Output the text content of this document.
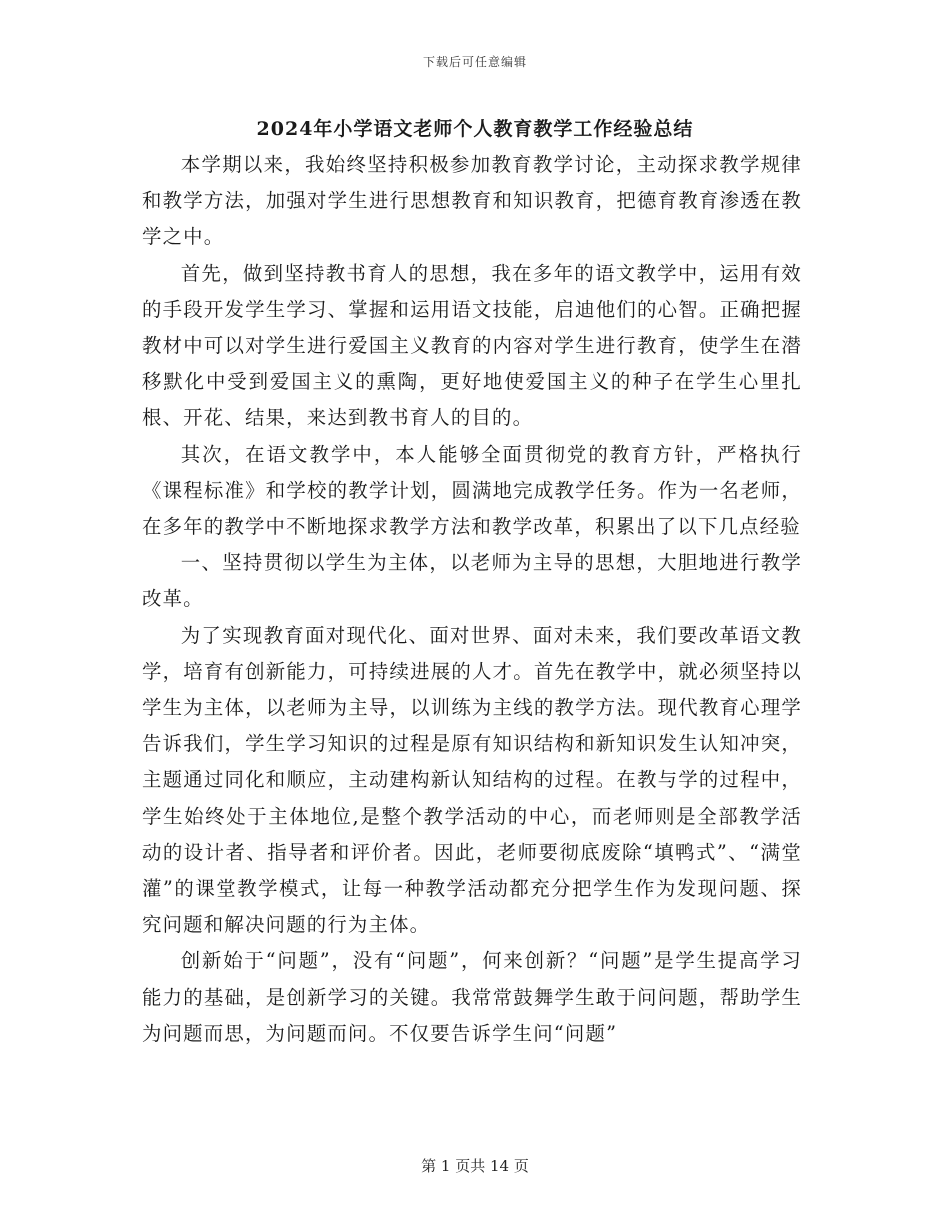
下载后可任意编辑
2024年小学语文老师个人教育教学工作经验总结

本学期以来，我始终坚持积极参加教育教学讨论，主动探求教学规律和教学方法，加强对学生进行思想教育和知识教育，把德育教育渗透在教学之中。

首先，做到坚持教书育人的思想，我在多年的语文教学中，运用有效的手段开发学生学习、掌握和运用语文技能，启迪他们的心智。正确把握教材中可以对学生进行爱国主义教育的内容对学生进行教育，使学生在潜移默化中受到爱国主义的熏陶，更好地使爱国主义的种子在学生心里扎根、开花、结果，来达到教书育人的目的。

其次，在语文教学中，本人能够全面贯彻党的教育方针，严格执行《课程标准》和学校的教学计划，圆满地完成教学任务。作为一名老师，在多年的教学中不断地探求教学方法和教学改革，积累出了以下几点经验

一、坚持贯彻以学生为主体，以老师为主导的思想，大胆地进行教学改革。

为了实现教育面对现代化、面对世界、面对未来，我们要改革语文教学，培育有创新能力，可持续进展的人才。首先在教学中，就必须坚持以学生为主体，以老师为主导，以训练为主线的教学方法。现代教育心理学告诉我们，学生学习知识的过程是原有知识结构和新知识发生认知冲突，主题通过同化和顺应，主动建构新认知结构的过程。在教与学的过程中，学生始终处于主体地位,是整个教学活动的中心，而老师则是全部教学活动的设计者、指导者和评价者。因此，老师要彻底废除“填鸭式”、“满堂灌”的课堂教学模式，让每一种教学活动都充分把学生作为发现问题、探究问题和解决问题的行为主体。

创新始于“问题”，没有“问题”，何来创新？“问题”是学生提高学习能力的基础，是创新学习的关键。我常常鼓舞学生敢于问问题，帮助学生为问题而思，为问题而问。不仅要告诉学生问“问题”

第 1 页共 14 页
